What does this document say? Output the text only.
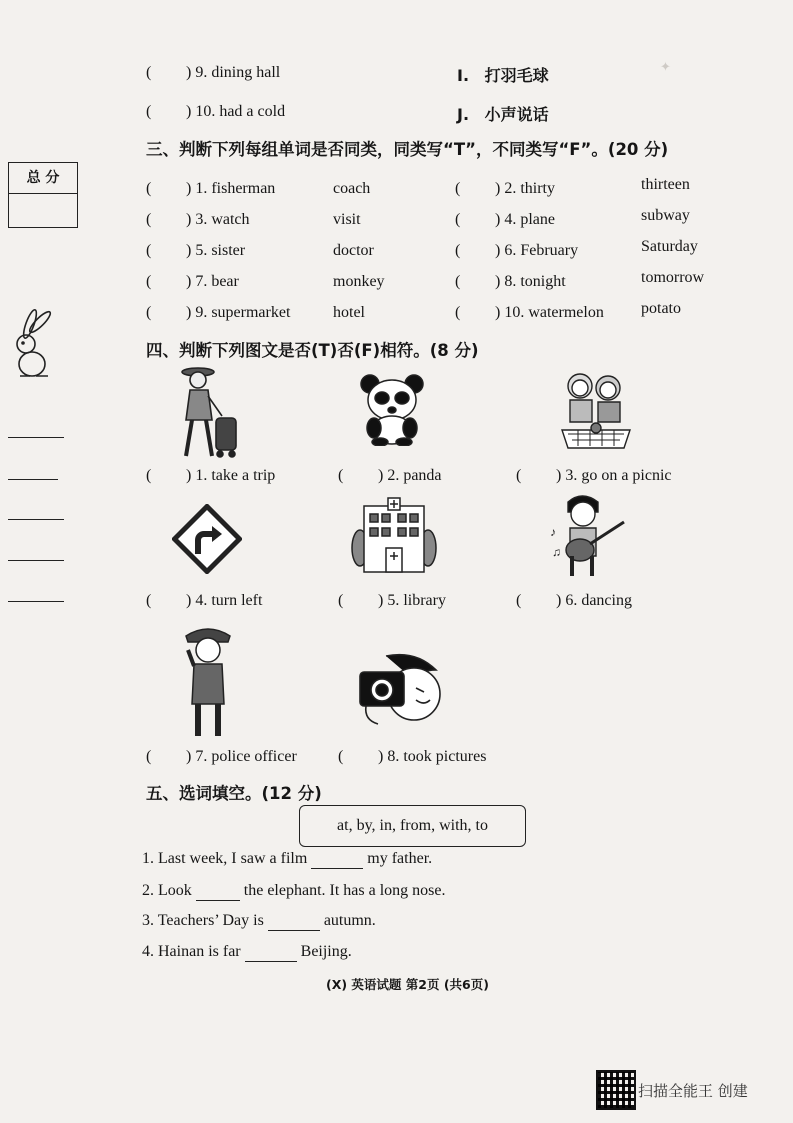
总 分
( ) 9. dining hall	I. 打羽毛球
( ) 10. had a cold	J. 小声说话
三、判断下列每组单词是否同类，同类写“T”，不同类写“F”。(20 分)
( ) 1. fisherman	coach	( ) 2. thirty	thirteen
( ) 3. watch	visit	( ) 4. plane	subway
( ) 5. sister	doctor	( ) 6. February	Saturday
( ) 7. bear	monkey	( ) 8. tonight	tomorrow
( ) 9. supermarket	hotel	( ) 10. watermelon potato
四、判断下列图文是否(T)否(F)相符。(8 分)
♪
♫
( ) 1. take a trip	( ) 2. panda	( ) 3. go on a picnic
( ) 4. turn left	( ) 5. library	( ) 6. dancing
( ) 7. police officer	( ) 8. took pictures
五、选词填空。(12 分)
at, by, in, from, with, to
1. Last week, I saw a film	my father.
2. Look	the elephant. It has a long nose.
3. Teachers’ Day is	autumn.
4. Hainan is far	Beijing.
(X) 英语试题 第2页 (共6页)
扫描全能王 创建
✦
